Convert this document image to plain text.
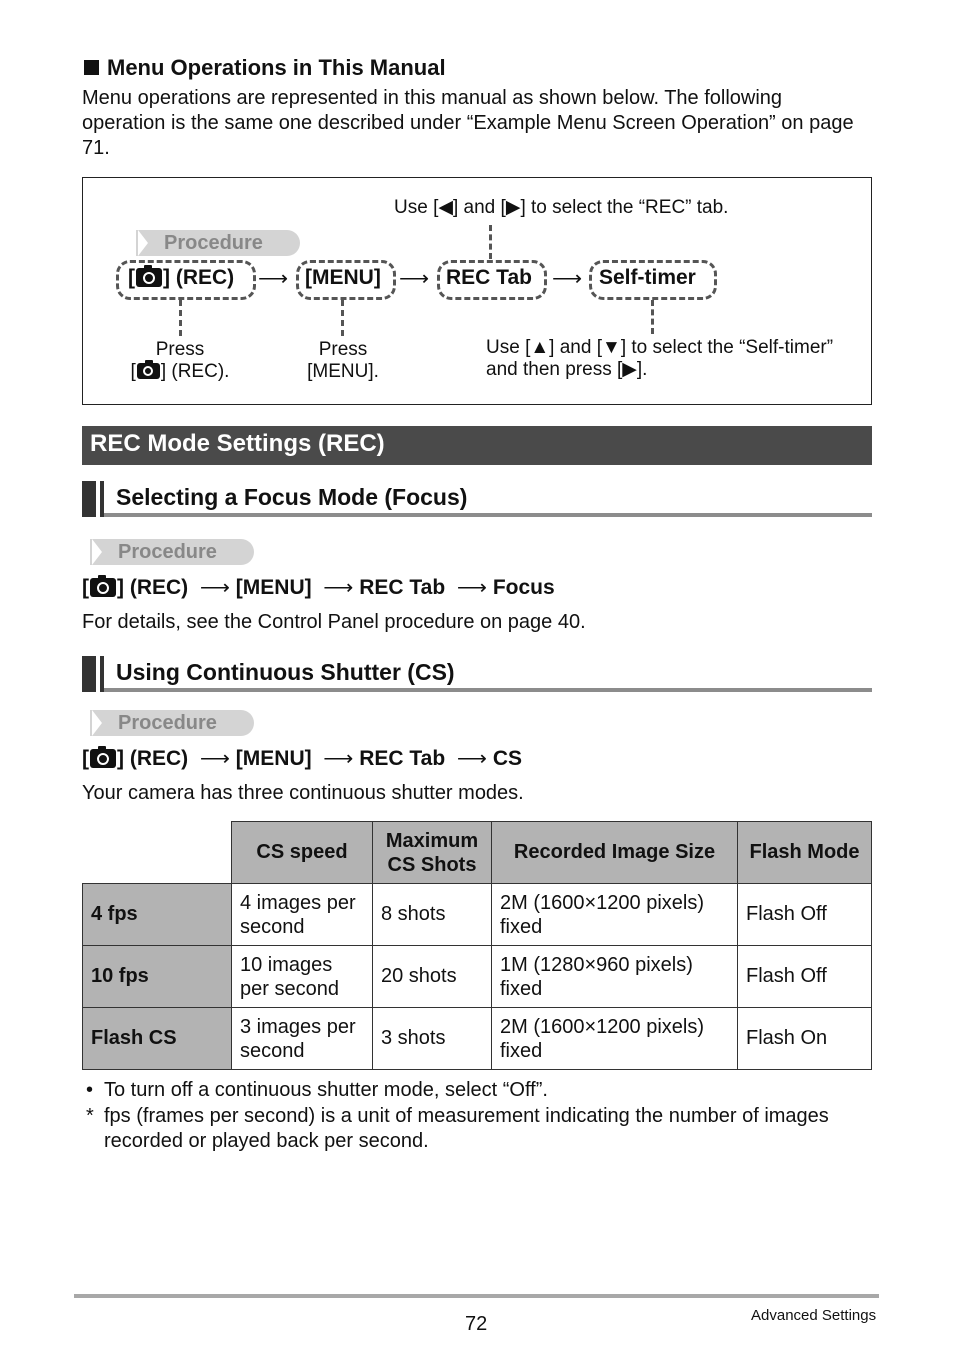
Menu Operations in This Manual
Menu operations are represented in this manual as shown below. The following operation is the same one described under “Example Menu Screen Operation” on page 71.
Use [◀] and [▶] to select the “REC” tab.
Procedure
[ ] (REC) ⟶ [MENU] ⟶ REC Tab ⟶ Self-timer
Press
[ ] (REC).
Press
[MENU].
Use [▲] and [▼] to select the “Self-timer”
and then press [▶].
REC Mode Settings (REC)
Selecting a Focus Mode (Focus)
Procedure
[ ] (REC)  ⟶ [MENU]  ⟶ REC Tab  ⟶ Focus
For details, see the Control Panel procedure on page 40.
Using Continuous Shutter (CS)
Procedure
[ ] (REC)  ⟶ [MENU]  ⟶ REC Tab  ⟶ CS
Your camera has three continuous shutter modes.
	CS speed	Maximum CS Shots	Recorded Image Size	Flash Mode
4 fps	4 images per second	8 shots	2M (1600×1200 pixels) fixed	Flash Off
10 fps	10 images per second	20 shots	1M (1280×960 pixels) fixed	Flash Off
Flash CS	3 images per second	3 shots	2M (1600×1200 pixels) fixed	Flash On
• To turn off a continuous shutter mode, select “Off”.
* fps (frames per second) is a unit of measurement indicating the number of images recorded or played back per second.
72	Advanced Settings
